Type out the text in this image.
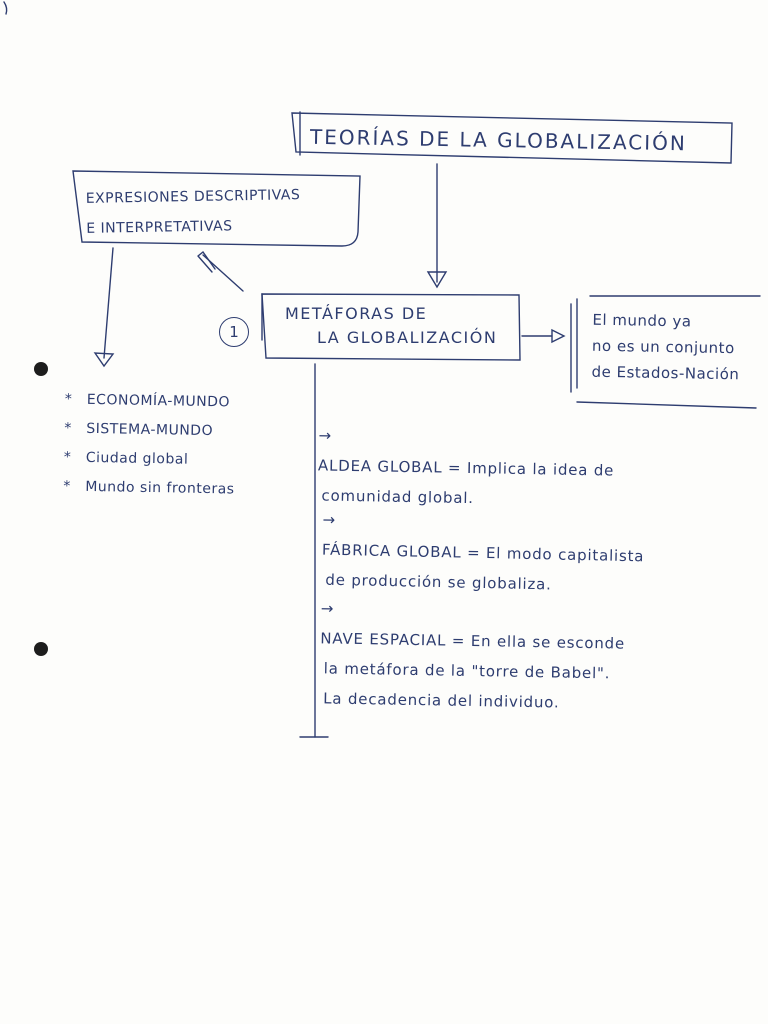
TEORÍAS DE LA GLOBALIZACIÓN
EXPRESIONES DESCRIPTIVAS
E INTERPRETATIVAS
1
METÁFORAS DE
LA GLOBALIZACIÓN
El mundo ya
no es un conjunto
de Estados-Nación
* ECONOMÍA-MUNDO
* SISTEMA-MUNDO
* Ciudad global
* Mundo sin fronteras
→
ALDEA GLOBAL = Implica la idea de
comunidad global.
→
FÁBRICA GLOBAL = El modo capitalista
de producción se globaliza.
→
NAVE ESPACIAL = En ella se esconde
la metáfora de la "torre de Babel".
La decadencia del individuo.
